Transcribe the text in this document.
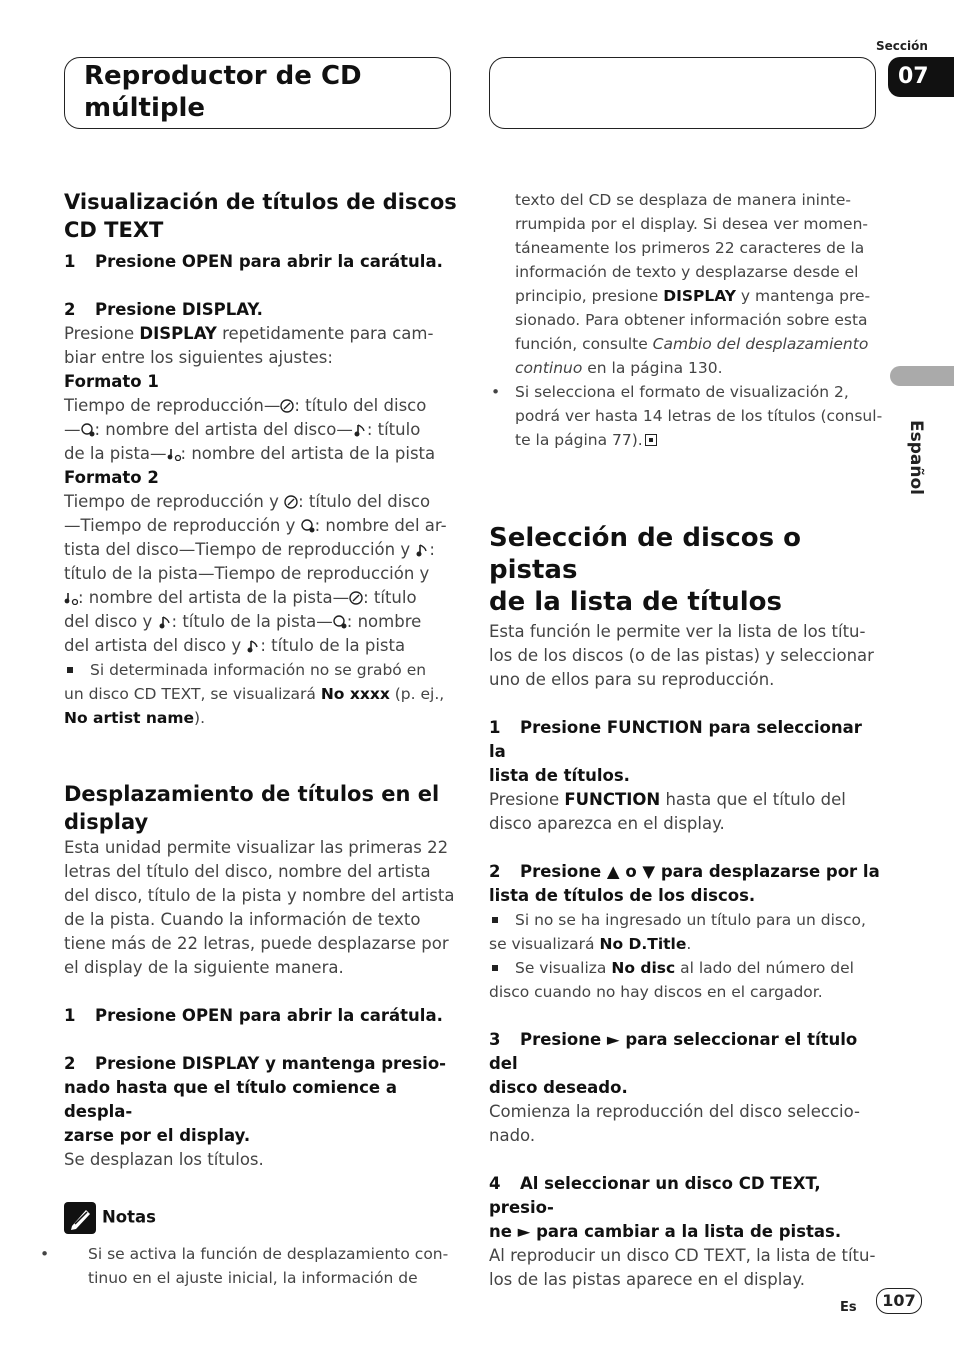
Reproductor de CD
múltiple
Sección
07
Español
Visualización de títulos de discos CD TEXT
1 Presione OPEN para abrir la carátula.
2 Presione DISPLAY.
Presione DISPLAY repetidamente para cam-
biar entre los siguientes ajustes:
Formato 1
Tiempo de reproducción— : título del disco
— : nombre del artista del disco— : título
de la pista— : nombre del artista de la pista
Formato 2
Tiempo de reproducción y : título del disco
—Tiempo de reproducción y : nombre del ar-
tista del disco—Tiempo de reproducción y :
título de la pista—Tiempo de reproducción y
: nombre del artista de la pista— : título
del disco y : título de la pista— : nombre
del artista del disco y : título de la pista
Si determinada información no se grabó en
un disco CD TEXT, se visualizará No xxxx (p. ej.,
No artist name).
Desplazamiento de títulos en el
display
Esta unidad permite visualizar las primeras 22
letras del título del disco, nombre del artista
del disco, título de la pista y nombre del artista
de la pista. Cuando la información de texto
tiene más de 22 letras, puede desplazarse por
el display de la siguiente manera.
1 Presione OPEN para abrir la carátula.
2 Presione DISPLAY y mantenga presio-
nado hasta que el título comience a despla-
zarse por el display.
Se desplazan los títulos.
Notas
•	Si se activa la función de desplazamiento con-
tinuo en el ajuste inicial, la información de
texto del CD se desplaza de manera ininte-
rrumpida por el display. Si desea ver momen-
táneamente los primeros 22 caracteres de la
información de texto y desplazarse desde el
principio, presione DISPLAY y mantenga pre-
sionado. Para obtener información sobre esta
función, consulte Cambio del desplazamiento
continuo en la página 130.
• Si selecciona el formato de visualización 2,
podrá ver hasta 14 letras de los títulos (consul-
te la página 77).
Selección de discos o pistas
de la lista de títulos
Esta función le permite ver la lista de los títu-
los de los discos (o de las pistas) y seleccionar
uno de ellos para su reproducción.
1 Presione FUNCTION para seleccionar la
lista de títulos.
Presione FUNCTION hasta que el título del
disco aparezca en el display.
2 Presione ▲ o ▼ para desplazarse por la
lista de títulos de los discos.
Si no se ha ingresado un título para un disco,
se visualizará No D.Title.
Se visualiza No disc al lado del número del
disco cuando no hay discos en el cargador.
3 Presione ► para seleccionar el título del
disco deseado.
Comienza la reproducción del disco seleccio-
nado.
4 Al seleccionar un disco CD TEXT, presio-
ne ► para cambiar a la lista de pistas.
Al reproducir un disco CD TEXT, la lista de títu-
los de las pistas aparece en el display.
Es	107
